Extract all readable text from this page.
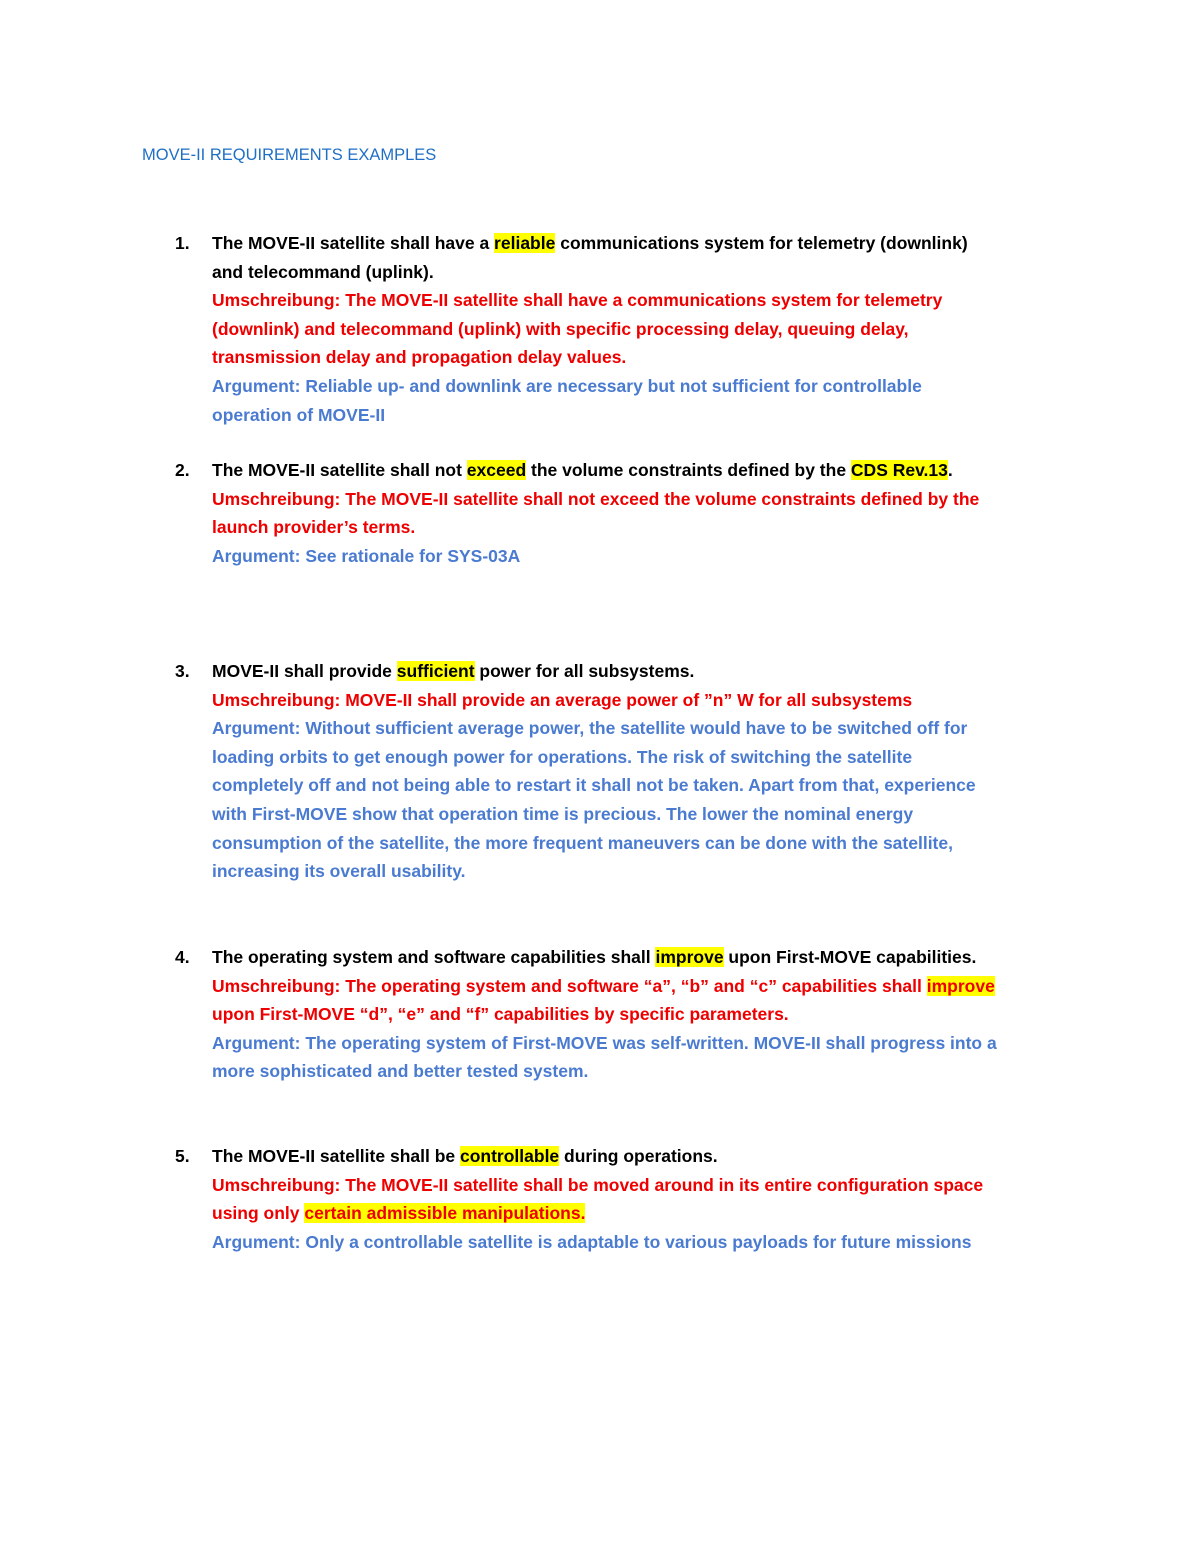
MOVE-II REQUIREMENTS EXAMPLES
1. The MOVE-II satellite shall have a reliable communications system for telemetry (downlink)
and telecommand (uplink).
Umschreibung: The MOVE-II satellite shall have a communications system for telemetry
(downlink) and telecommand (uplink) with specific processing delay, queuing delay,
transmission delay and propagation delay values.
Argument: Reliable up- and downlink are necessary but not sufficient for controllable
operation of MOVE-II
2. The MOVE-II satellite shall not exceed the volume constraints defined by the CDS Rev.13.
Umschreibung: The MOVE-II satellite shall not exceed the volume constraints defined by the
launch provider’s terms.
Argument: See rationale for SYS-03A
3. MOVE-II shall provide sufficient power for all subsystems.
Umschreibung: MOVE-II shall provide an average power of ”n” W for all subsystems
Argument: Without sufficient average power, the satellite would have to be switched off for
loading orbits to get enough power for operations. The risk of switching the satellite
completely off and not being able to restart it shall not be taken. Apart from that, experience
with First-MOVE show that operation time is precious. The lower the nominal energy
consumption of the satellite, the more frequent maneuvers can be done with the satellite,
increasing its overall usability.
4. The operating system and software capabilities shall improve upon First-MOVE capabilities.
Umschreibung: The operating system and software “a”, “b” and “c” capabilities shall improve
upon First-MOVE “d”, “e” and “f” capabilities by specific parameters.
Argument: The operating system of First-MOVE was self-written. MOVE-II shall progress into a
more sophisticated and better tested system.
5. The MOVE-II satellite shall be controllable during operations.
Umschreibung: The MOVE-II satellite shall be moved around in its entire configuration space
using only certain admissible manipulations.
Argument: Only a controllable satellite is adaptable to various payloads for future missions
